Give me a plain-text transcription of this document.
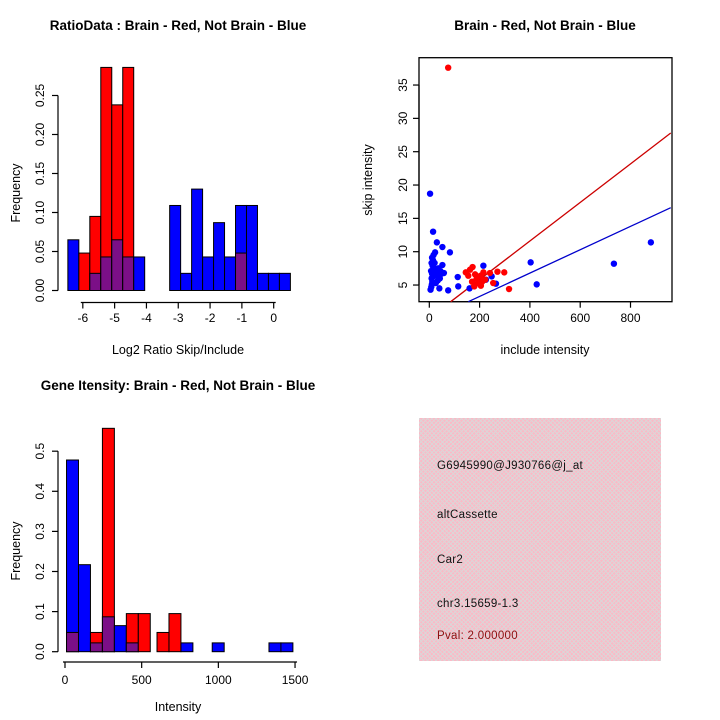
-6 -5 -4 -3 -2 -1 0
0.00
0.05
0.10
0.15
0.20
0.25
RatioData : Brain - Red, Not Brain - Blue
Log2 Ratio Skip/Include
Frequency
0	200	400	600	800
5
10
15
20
25
30
35
Brain - Red, Not Brain - Blue
include intensity
skip intensity
0	500	1000	1500
0.0
0.1
0.2
0.3
0.4
0.5
Gene Itensity: Brain - Red, Not Brain - Blue
Intensity
Frequency
G6945990@J930766@j_at
altCassette
Car2
chr3.15659-1.3
Pval: 2.000000
